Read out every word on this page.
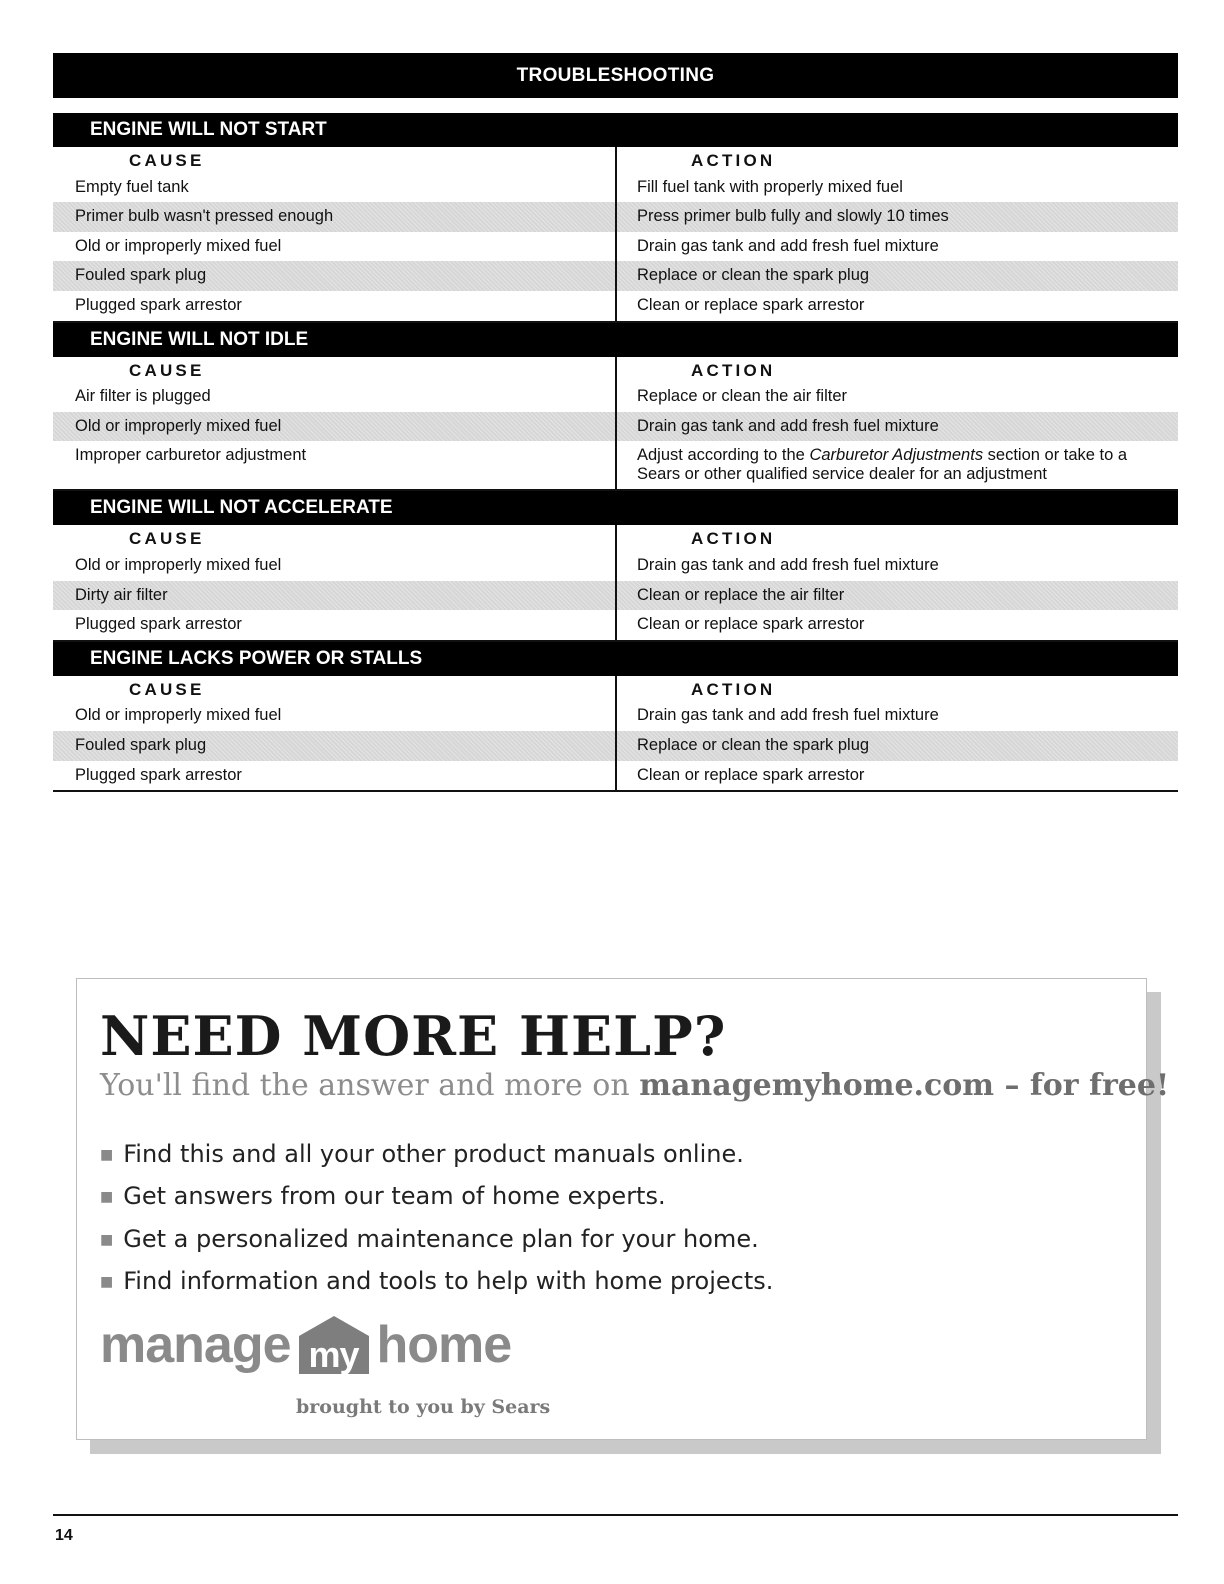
TROUBLESHOOTING
ENGINE WILL NOT START
CAUSE	ACTION
Empty fuel tank	Fill fuel tank with properly mixed fuel
Primer bulb wasn't pressed enough	Press primer bulb fully and slowly 10 times
Old or improperly mixed fuel	Drain gas tank and add fresh fuel mixture
Fouled spark plug	Replace or clean the spark plug
Plugged spark arrestor	Clean or replace spark arrestor
ENGINE WILL NOT IDLE
CAUSE	ACTION
Air filter is plugged	Replace or clean the air filter
Old or improperly mixed fuel	Drain gas tank and add fresh fuel mixture
Improper carburetor adjustment	Adjust according to the Carburetor Adjustments section or take to a Sears or other qualified service dealer for an adjustment
ENGINE WILL NOT ACCELERATE
CAUSE	ACTION
Old or improperly mixed fuel	Drain gas tank and add fresh fuel mixture
Dirty air filter	Clean or replace the air filter
Plugged spark arrestor	Clean or replace spark arrestor
ENGINE LACKS POWER OR STALLS
CAUSE	ACTION
Old or improperly mixed fuel	Drain gas tank and add fresh fuel mixture
Fouled spark plug	Replace or clean the spark plug
Plugged spark arrestor	Clean or replace spark arrestor
NEED MORE HELP?
You'll find the answer and more on managemyhome.com – for free!
■ Find this and all your other product manuals online.
■ Get answers from our team of home experts.
■ Get a personalized maintenance plan for your home.
■ Find information and tools to help with home projects.
manage my home
brought to you by Sears
14
